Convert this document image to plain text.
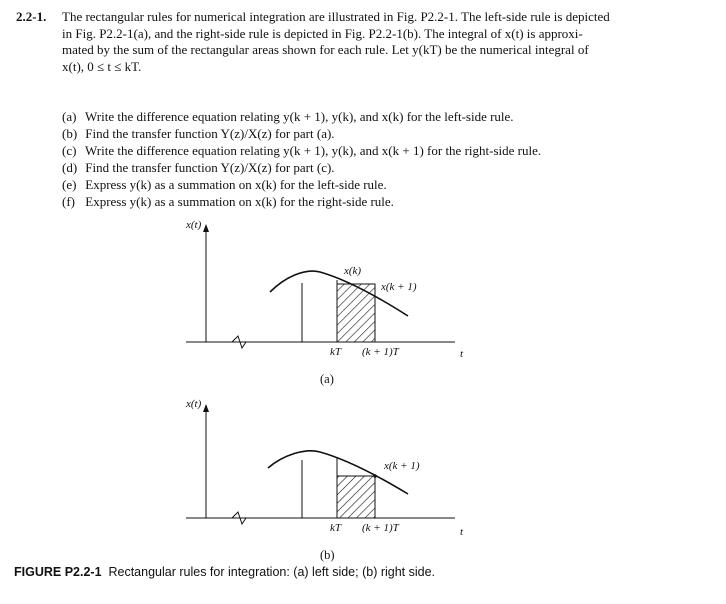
2.2-1. The rectangular rules for numerical integration are illustrated in Fig. P2.2-1. The left-side rule is depicted
in Fig. P2.2-1(a), and the right-side rule is depicted in Fig. P2.2-1(b). The integral of x(t) is approxi-
mated by the sum of the rectangular areas shown for each rule. Let y(kT) be the numerical integral of
x(t), 0 ≤ t ≤ kT.
(a) Write the difference equation relating y(k + 1), y(k), and x(k) for the left-side rule.
(b) Find the transfer function Y(z)/X(z) for part (a).
(c) Write the difference equation relating y(k + 1), y(k), and x(k + 1) for the right-side rule.
(d) Find the transfer function Y(z)/X(z) for part (c).
(e) Express y(k) as a summation on x(k) for the left-side rule.
(f) Express y(k) as a summation on x(k) for the right-side rule.
x(t)
x(k)
x(k + 1)
kT (k + 1)T	t
(a)
x(t)
x(k + 1)
kT (k + 1)T	t
(b)
FIGURE P2.2-1 Rectangular rules for integration: (a) left side; (b) right side.
